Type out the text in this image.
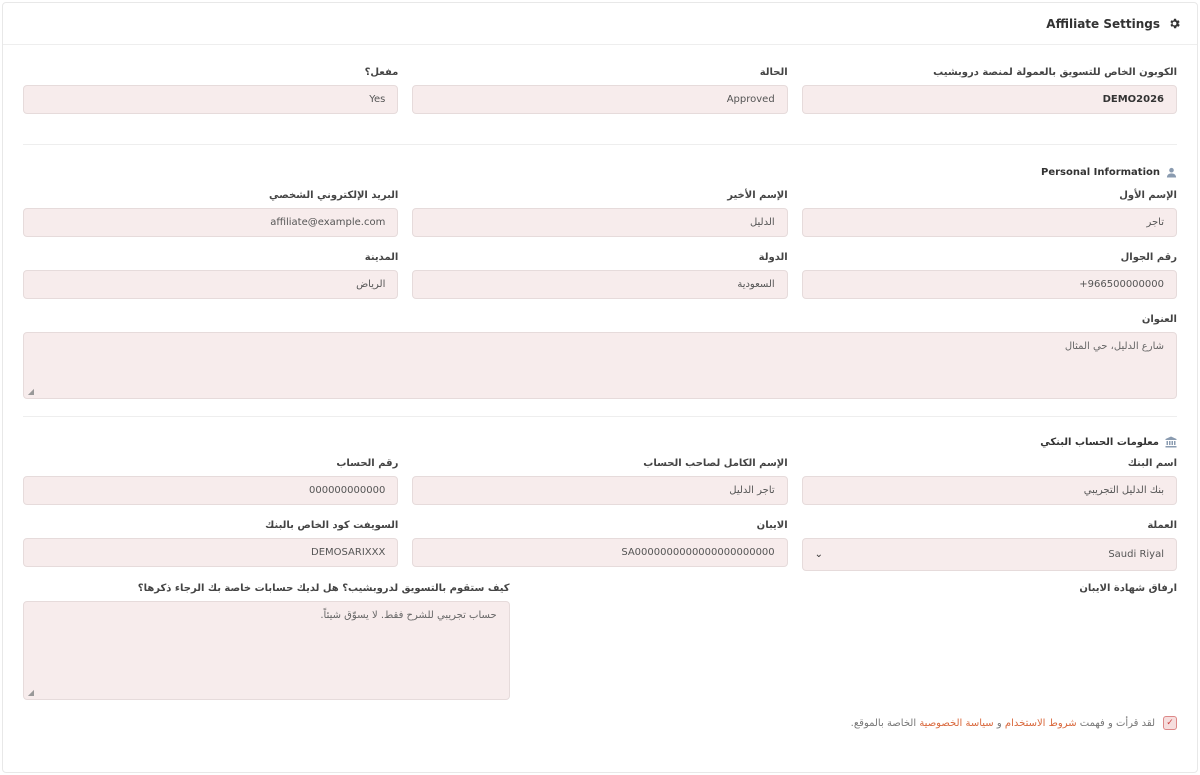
Affiliate Settings
الكوبون الخاص للتسويق بالعمولة لمنصة دروبشيب
DEMO2026
الحالة
Approved
مفعل؟
Yes
Personal Information
الإسم الأول
تاجر
الإسم الأخير
الدليل
البريد الإلكتروني الشخصي
affiliate@example.com
رقم الجوال
966500000000+
الدولة
السعودية
المدينة
الرياض
العنوان
شارع الدليل، حي المثال
◢
معلومات الحساب البنكي
اسم البنك
بنك الدليل التجريبي
الإسم الكامل لصاحب الحساب
تاجر الدليل
رقم الحساب
000000000000
العملة
Saudi Riyal
⌄
الايبان
SA0000000000000000000000
السويفت كود الخاص بالبنك
DEMOSARIXXX
ارفاق شهادة الايبان
كيف ستقوم بالتسويق لدروبشيب؟ هل لديك حسابات خاصة بك الرجاء ذكرها؟
حساب تجريبي للشرح فقط. لا يسوّق شيئاً.
◢
✓
لقد قرأت و فهمت شروط الاستخدام و سياسة الخصوصية الخاصة بالموقع.
